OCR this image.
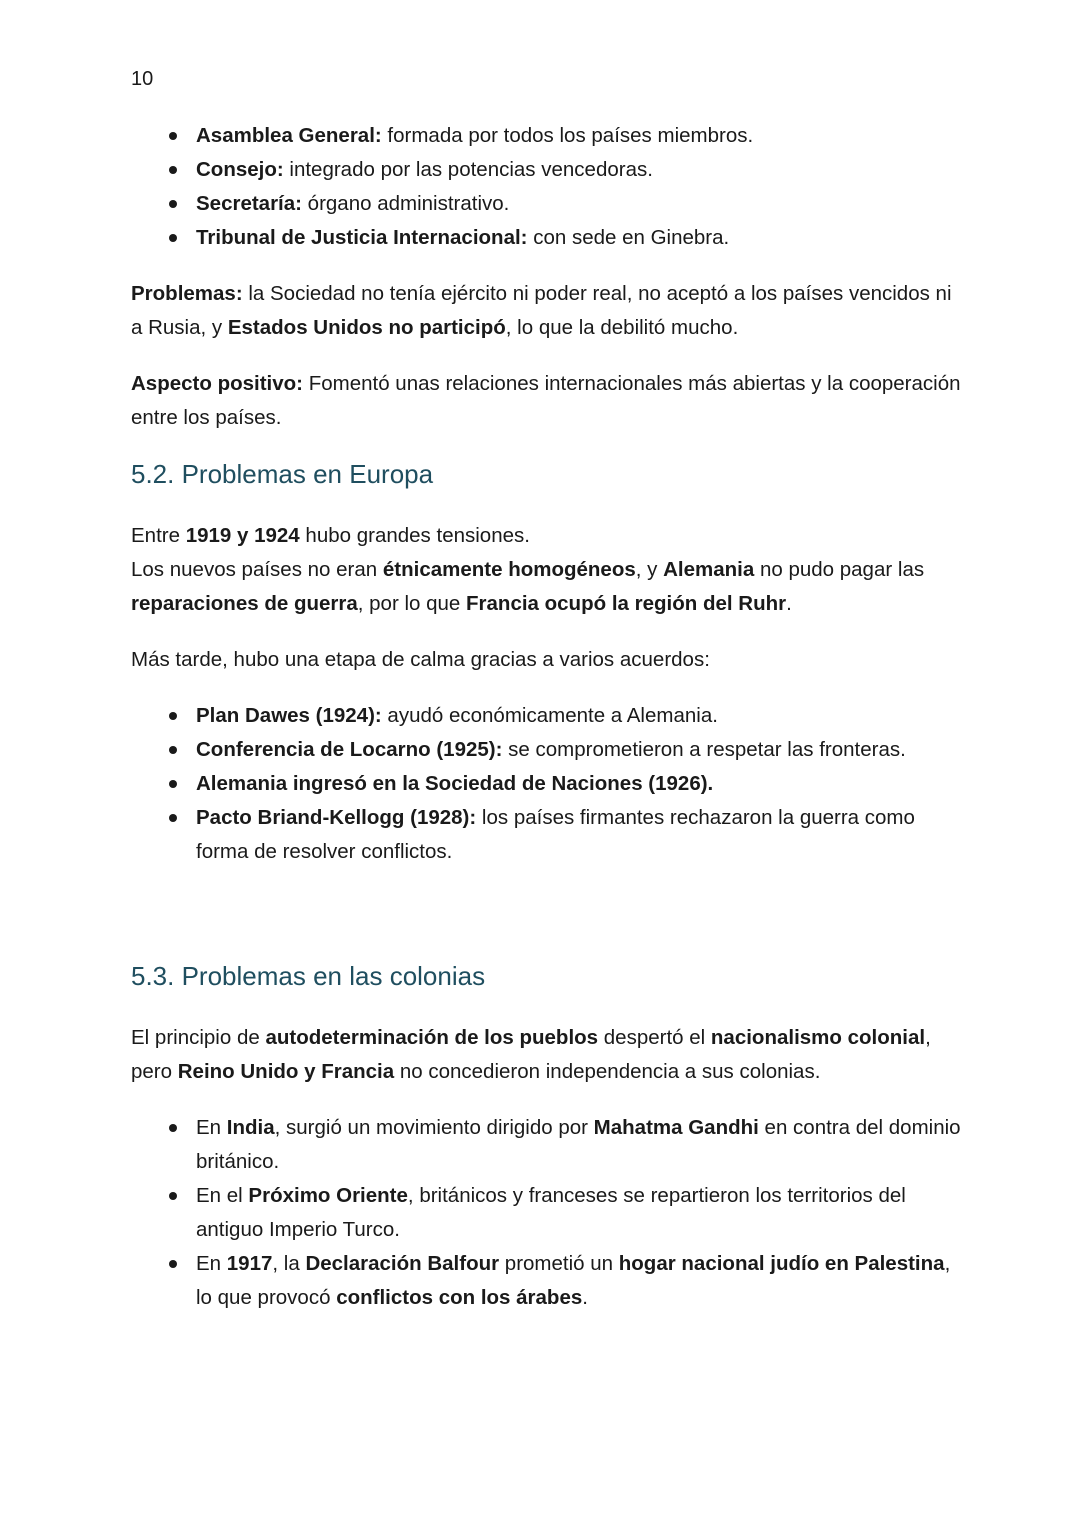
10
Asamblea General: formada por todos los países miembros.
Consejo: integrado por las potencias vencedoras.
Secretaría: órgano administrativo.
Tribunal de Justicia Internacional: con sede en Ginebra.

Problemas: la Sociedad no tenía ejército ni poder real, no aceptó a los países vencidos ni a Rusia, y Estados Unidos no participó, lo que la debilitó mucho.

Aspecto positivo: Fomentó unas relaciones internacionales más abiertas y la cooperación entre los países.

5.2. Problemas en Europa

Entre 1919 y 1924 hubo grandes tensiones.
Los nuevos países no eran étnicamente homogéneos, y Alemania no pudo pagar las reparaciones de guerra, por lo que Francia ocupó la región del Ruhr.

Más tarde, hubo una etapa de calma gracias a varios acuerdos:

Plan Dawes (1924): ayudó económicamente a Alemania.
Conferencia de Locarno (1925): se comprometieron a respetar las fronteras.
Alemania ingresó en la Sociedad de Naciones (1926).
Pacto Briand-Kellogg (1928): los países firmantes rechazaron la guerra como forma de resolver conflictos.
5.3. Problemas en las colonias

El principio de autodeterminación de los pueblos despertó el nacionalismo colonial, pero Reino Unido y Francia no concedieron independencia a sus colonias.

En India, surgió un movimiento dirigido por Mahatma Gandhi en contra del dominio británico.
En el Próximo Oriente, británicos y franceses se repartieron los territorios del antiguo Imperio Turco.
En 1917, la Declaración Balfour prometió un hogar nacional judío en Palestina, lo que provocó conflictos con los árabes.
